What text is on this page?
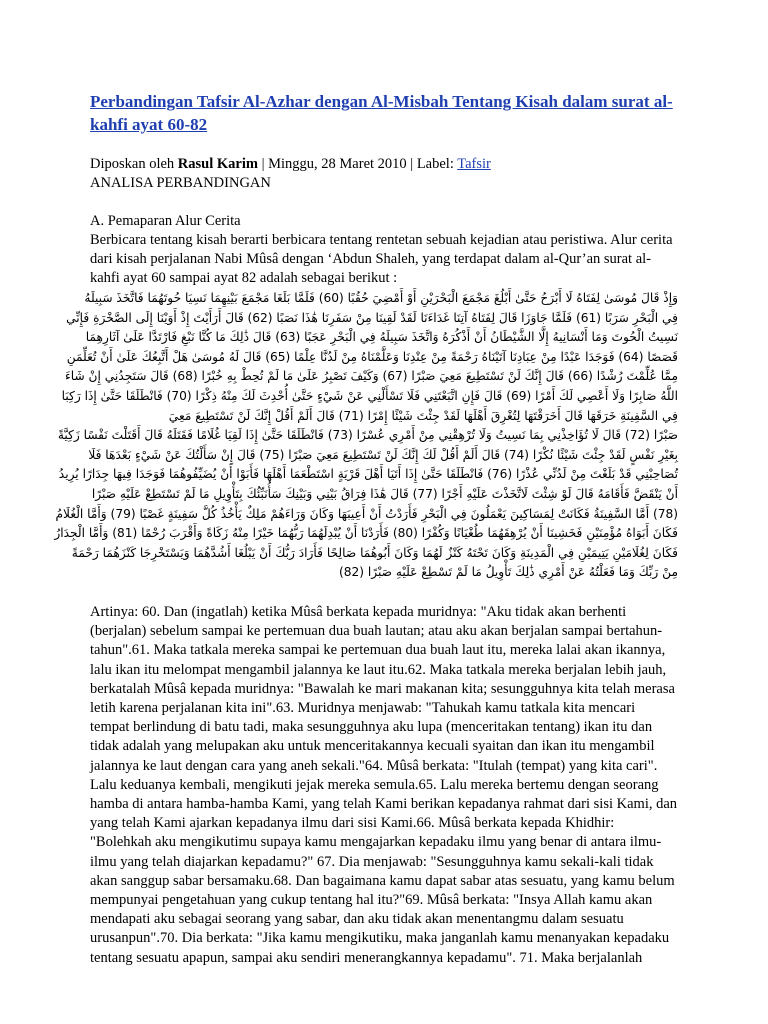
Perbandingan Tafsir Al-Azhar dengan Al-Misbah Tentang Kisah dalam surat al-kahfi ayat 60-82
Diposkan oleh Rasul Karim | Minggu, 28 Maret 2010 | Label: Tafsir
ANALISA PERBANDINGAN
A. Pemaparan Alur Cerita
Berbicara tentang kisah berarti berbicara tentang rentetan sebuah kejadian atau peristiwa. Alur cerita dari kisah perjalanan Nabi Mûsâ dengan ‘Abdun Shaleh, yang terdapat dalam al-Qur’an surat al-kahfi ayat 60 sampai ayat 82 adalah sebagai berikut :
وَإِذْ قَالَ مُوسَىٰ لِفَتَاهُ لَا أَبْرَحُ حَتَّىٰ أَبْلُغَ مَجْمَعَ الْبَحْرَيْنِ أَوْ أَمْضِيَ حُقُبًا (60) فَلَمَّا بَلَغَا مَجْمَعَ بَيْنِهِمَا نَسِيَا حُوتَهُمَا فَاتَّخَذَ سَبِيلَهُ
فِي الْبَحْرِ سَرَبًا (61) فَلَمَّا جَاوَزَا قَالَ لِفَتَاهُ آتِنَا غَدَاءَنَا لَقَدْ لَقِينَا مِنْ سَفَرِنَا هَٰذَا نَصَبًا (62) قَالَ أَرَأَيْتَ إِذْ أَوَيْنَا إِلَى الصَّخْرَةِ فَإِنِّي
نَسِيتُ الْحُوتَ وَمَا أَنْسَانِيهُ إِلَّا الشَّيْطَانُ أَنْ أَذْكُرَهُ وَاتَّخَذَ سَبِيلَهُ فِي الْبَحْرِ عَجَبًا (63) قَالَ ذَٰلِكَ مَا كُنَّا نَبْغِ فَارْتَدَّا عَلَىٰ آثَارِهِمَا
قَصَصًا (64) فَوَجَدَا عَبْدًا مِنْ عِبَادِنَا آتَيْنَاهُ رَحْمَةً مِنْ عِنْدِنَا وَعَلَّمْنَاهُ مِنْ لَدُنَّا عِلْمًا (65) قَالَ لَهُ مُوسَىٰ هَلْ أَتَّبِعُكَ عَلَىٰ أَنْ تُعَلِّمَنِ
مِمَّا عُلِّمْتَ رُشْدًا (66) قَالَ إِنَّكَ لَنْ تَسْتَطِيعَ مَعِيَ صَبْرًا (67) وَكَيْفَ تَصْبِرُ عَلَىٰ مَا لَمْ تُحِطْ بِهِ خُبْرًا (68) قَالَ سَتَجِدُنِي إِنْ شَاءَ
اللَّهُ صَابِرًا وَلَا أَعْصِي لَكَ أَمْرًا (69) قَالَ فَإِنِ اتَّبَعْتَنِي فَلَا تَسْأَلْنِي عَنْ شَيْءٍ حَتَّىٰ أُحْدِثَ لَكَ مِنْهُ ذِكْرًا (70) فَانْطَلَقَا حَتَّىٰ إِذَا رَكِبَا
فِي السَّفِينَةِ خَرَقَهَا قَالَ أَخَرَقْتَهَا لِتُغْرِقَ أَهْلَهَا لَقَدْ جِئْتَ شَيْئًا إِمْرًا (71) قَالَ أَلَمْ أَقُلْ إِنَّكَ لَنْ تَسْتَطِيعَ مَعِيَ
صَبْرًا (72) قَالَ لَا تُؤَاخِذْنِي بِمَا نَسِيتُ وَلَا تُرْهِقْنِي مِنْ أَمْرِي عُسْرًا (73) فَانْطَلَقَا حَتَّىٰ إِذَا لَقِيَا غُلَامًا فَقَتَلَهُ قَالَ أَقَتَلْتَ نَفْسًا زَكِيَّةً
بِغَيْرِ نَفْسٍ لَقَدْ جِئْتَ شَيْئًا نُكْرًا (74) قَالَ أَلَمْ أَقُلْ لَكَ إِنَّكَ لَنْ تَسْتَطِيعَ مَعِيَ صَبْرًا (75) قَالَ إِنْ سَأَلْتُكَ عَنْ شَيْءٍ بَعْدَهَا فَلَا
تُصَاحِبْنِي قَدْ بَلَغْتَ مِنْ لَدُنِّي عُذْرًا (76) فَانْطَلَقَا حَتَّىٰ إِذَا أَتَيَا أَهْلَ قَرْيَةٍ اسْتَطْعَمَا أَهْلَهَا فَأَبَوْا أَنْ يُضَيِّفُوهُمَا فَوَجَدَا فِيهَا جِدَارًا يُرِيدُ
أَنْ يَنْقَضَّ فَأَقَامَهُ قَالَ لَوْ شِئْتَ لَاتَّخَذْتَ عَلَيْهِ أَجْرًا (77) قَالَ هَٰذَا فِرَاقُ بَيْنِي وَبَيْنِكَ سَأُنَبِّئُكَ بِتَأْوِيلِ مَا لَمْ تَسْتَطِعْ عَلَيْهِ صَبْرًا
(78) أَمَّا السَّفِينَةُ فَكَانَتْ لِمَسَاكِينَ يَعْمَلُونَ فِي الْبَحْرِ فَأَرَدْتُ أَنْ أَعِيبَهَا وَكَانَ وَرَاءَهُمْ مَلِكٌ يَأْخُذُ كُلَّ سَفِينَةٍ غَصْبًا (79) وَأَمَّا الْغُلَامُ
فَكَانَ أَبَوَاهُ مُؤْمِنَيْنِ فَخَشِينَا أَنْ يُرْهِقَهُمَا طُغْيَانًا وَكُفْرًا (80) فَأَرَدْنَا أَنْ يُبْدِلَهُمَا رَبُّهُمَا خَيْرًا مِنْهُ زَكَاةً وَأَقْرَبَ رُحْمًا (81) وَأَمَّا الْجِدَارُ
فَكَانَ لِغُلَامَيْنِ يَتِيمَيْنِ فِي الْمَدِينَةِ وَكَانَ تَحْتَهُ كَنْزٌ لَهُمَا وَكَانَ أَبُوهُمَا صَالِحًا فَأَرَادَ رَبُّكَ أَنْ يَبْلُغَا أَشُدَّهُمَا وَيَسْتَخْرِجَا كَنْزَهُمَا رَحْمَةً
مِنْ رَبِّكَ وَمَا فَعَلْتُهُ عَنْ أَمْرِي ذَٰلِكَ تَأْوِيلُ مَا لَمْ تَسْطِعْ عَلَيْهِ صَبْرًا (82)
Artinya: 60. Dan (ingatlah) ketika Mûsâ berkata kepada muridnya: "Aku tidak akan berhenti (berjalan) sebelum sampai ke pertemuan dua buah lautan; atau aku akan berjalan sampai bertahun-tahun".61. Maka tatkala mereka sampai ke pertemuan dua buah laut itu, mereka lalai akan ikannya, lalu ikan itu melompat mengambil jalannya ke laut itu.62. Maka tatkala mereka berjalan lebih jauh, berkatalah Mûsâ kepada muridnya: "Bawalah ke mari makanan kita; sesungguhnya kita telah merasa letih karena perjalanan kita ini".63. Muridnya menjawab: "Tahukah kamu tatkala kita mencari tempat berlindung di batu tadi, maka sesungguhnya aku lupa (menceritakan tentang) ikan itu dan tidak adalah yang melupakan aku untuk menceritakannya kecuali syaitan dan ikan itu mengambil jalannya ke laut dengan cara yang aneh sekali."64. Mûsâ berkata: "Itulah (tempat) yang kita cari". Lalu keduanya kembali, mengikuti jejak mereka semula.65. Lalu mereka bertemu dengan seorang hamba di antara hamba-hamba Kami, yang telah Kami berikan kepadanya rahmat dari sisi Kami, dan yang telah Kami ajarkan kepadanya ilmu dari sisi Kami.66. Mûsâ berkata kepada Khidhir: "Bolehkah aku mengikutimu supaya kamu mengajarkan kepadaku ilmu yang benar di antara ilmu-ilmu yang telah diajarkan kepadamu?" 67. Dia menjawab: "Sesungguhnya kamu sekali-kali tidak akan sanggup sabar bersamaku.68. Dan bagaimana kamu dapat sabar atas sesuatu, yang kamu belum mempunyai pengetahuan yang cukup tentang hal itu?"69. Mûsâ berkata: "Insya Allah kamu akan mendapati aku sebagai seorang yang sabar, dan aku tidak akan menentangmu dalam sesuatu urusanpun".70. Dia berkata: "Jika kamu mengikutiku, maka janganlah kamu menanyakan kepadaku tentang sesuatu apapun, sampai aku sendiri menerangkannya kepadamu". 71. Maka berjalanlah
